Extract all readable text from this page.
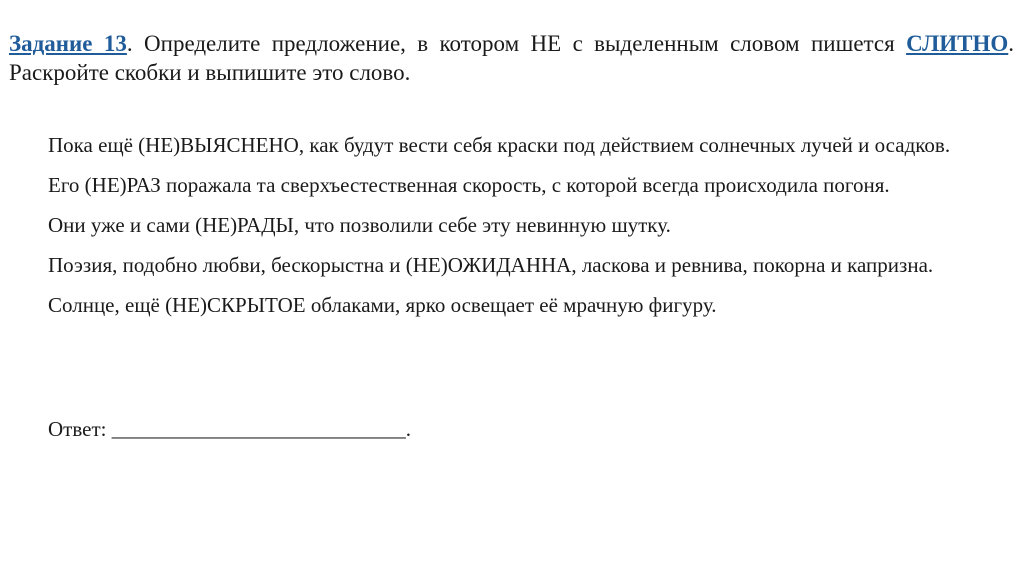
Задание 13. Определите предложение, в котором НЕ с выделенным словом пишется СЛИТНО. Раскройте скобки и выпишите это слово.

Пока ещё (НЕ)ВЫЯСНЕНО, как будут вести себя краски под действием солнечных лучей и осадков.
Его (НЕ)РАЗ поражала та сверхъестественная скорость, с которой всегда происходила погоня.
Они уже и сами (НЕ)РАДЫ, что позволили себе эту невинную шутку.
Поэзия, подобно любви, бескорыстна и (НЕ)ОЖИДАННА, ласкова и ревнива, покорна и капризна.
Солнце, ещё (НЕ)СКРЫТОЕ облаками, ярко освещает её мрачную фигуру.

Ответ: ____________________________.
